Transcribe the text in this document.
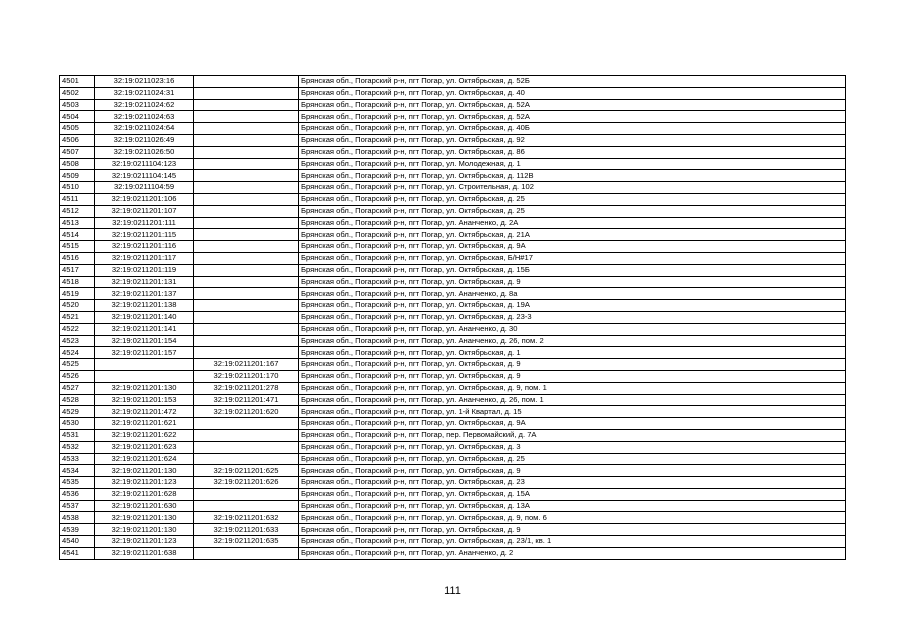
4501	32:19:0211023:16		Брянская обл., Погарский р-н, пгт Погар, ул. Октябрьская, д. 52Б
4502	32:19:0211024:31		Брянская обл., Погарский р-н, пгт Погар, ул. Октябрьская, д. 40
4503	32:19:0211024:62		Брянская обл., Погарский р-н, пгт Погар, ул. Октябрьская, д. 52А
4504	32:19:0211024:63		Брянская обл., Погарский р-н, пгт Погар, ул. Октябрьская, д. 52А
4505	32:19:0211024:64		Брянская обл., Погарский р-н, пгт Погар, ул. Октябрьская, д. 40Б
4506	32:19:0211026:49		Брянская обл., Погарский р-н, пгт Погар, ул. Октябрьская, д. 92
4507	32:19:0211026:50		Брянская обл., Погарский р-н, пгт Погар, ул. Октябрьская, д. 86
4508	32:19:0211104:123		Брянская обл., Погарский р-н, пгт Погар, ул. Молодежная, д. 1
4509	32:19:0211104:145		Брянская обл., Погарский р-н, пгт Погар, ул. Октябрьская, д. 112В
4510	32:19:0211104:59		Брянская обл., Погарский р-н, пгт Погар, ул. Строительная, д. 102
4511	32:19:0211201:106		Брянская обл., Погарский р-н, пгт Погар, ул. Октябрьская, д. 25
4512	32:19:0211201:107		Брянская обл., Погарский р-н, пгт Погар, ул. Октябрьская, д. 25
4513	32:19:0211201:111		Брянская обл., Погарский р-н, пгт Погар, ул. Ананченко, д. 2А
4514	32:19:0211201:115		Брянская обл., Погарский р-н, пгт Погар, ул. Октябрьская, д. 21А
4515	32:19:0211201:116		Брянская обл., Погарский р-н, пгт Погар, ул. Октябрьская, д. 9А
4516	32:19:0211201:117		Брянская обл., Погарский р-н, пгт Погар, ул. Октябрьская, Б/Н#17
4517	32:19:0211201:119		Брянская обл., Погарский р-н, пгт Погар, ул. Октябрьская, д. 15Б
4518	32:19:0211201:131		Брянская обл., Погарский р-н, пгт Погар, ул. Октябрьская, д. 9
4519	32:19:0211201:137		Брянская обл., Погарский р-н, пгт Погар, ул. Ананченко, д. 8а
4520	32:19:0211201:138		Брянская обл., Погарский р-н, пгт Погар, ул. Октябрьская, д. 19А
4521	32:19:0211201:140		Брянская обл., Погарский р-н, пгт Погар, ул. Октябрьская, д. 23-3
4522	32:19:0211201:141		Брянская обл., Погарский р-н, пгт Погар, ул. Ананченко, д. 30
4523	32:19:0211201:154		Брянская обл., Погарский р-н, пгт Погар, ул. Ананченко, д. 26, пом. 2
4524	32:19:0211201:157		Брянская обл., Погарский р-н, пгт Погар, ул. Октябрьская, д. 1
4525		32:19:0211201:167	Брянская обл., Погарский р-н, пгт Погар, ул. Октябрьская, д. 9
4526		32:19:0211201:170	Брянская обл., Погарский р-н, пгт Погар, ул. Октябрьская, д. 9
4527	32:19:0211201:130	32:19:0211201:278	Брянская обл., Погарский р-н, пгт Погар, ул. Октябрьская, д. 9, пом. 1
4528	32:19:0211201:153	32:19:0211201:471	Брянская обл., Погарский р-н, пгт Погар, ул. Ананченко, д. 26, пом. 1
4529	32:19:0211201:472	32:19:0211201:620	Брянская обл., Погарский р-н, пгт Погар, ул. 1-й Квартал, д. 15
4530	32:19:0211201:621		Брянская обл., Погарский р-н, пгт Погар, ул. Октябрьская, д. 9А
4531	32:19:0211201:622		Брянская обл., Погарский р-н, пгт Погар, пер. Первомайский, д. 7А
4532	32:19:0211201:623		Брянская обл., Погарский р-н, пгт Погар, ул. Октябрьская, д. 3
4533	32:19:0211201:624		Брянская обл., Погарский р-н, пгт Погар, ул. Октябрьская, д. 25
4534	32:19:0211201:130	32:19:0211201:625	Брянская обл., Погарский р-н, пгт Погар, ул. Октябрьская, д. 9
4535	32:19:0211201:123	32:19:0211201:626	Брянская обл., Погарский р-н, пгт Погар, ул. Октябрьская, д. 23
4536	32:19:0211201:628		Брянская обл., Погарский р-н, пгт Погар, ул. Октябрьская, д. 15А
4537	32:19:0211201:630		Брянская обл., Погарский р-н, пгт Погар, ул. Октябрьская, д. 13А
4538	32:19:0211201:130	32:19:0211201:632	Брянская обл., Погарский р-н, пгт Погар, ул. Октябрьская, д. 9, пом. 6
4539	32:19:0211201:130	32:19:0211201:633	Брянская обл., Погарский р-н, пгт Погар, ул. Октябрьская, д. 9
4540	32:19:0211201:123	32:19:0211201:635	Брянская обл., Погарский р-н, пгт Погар, ул. Октябрьская, д. 23/1, кв. 1
4541	32:19:0211201:638		Брянская обл., Погарский р-н, пгт Погар, ул. Ананченко, д. 2
111
